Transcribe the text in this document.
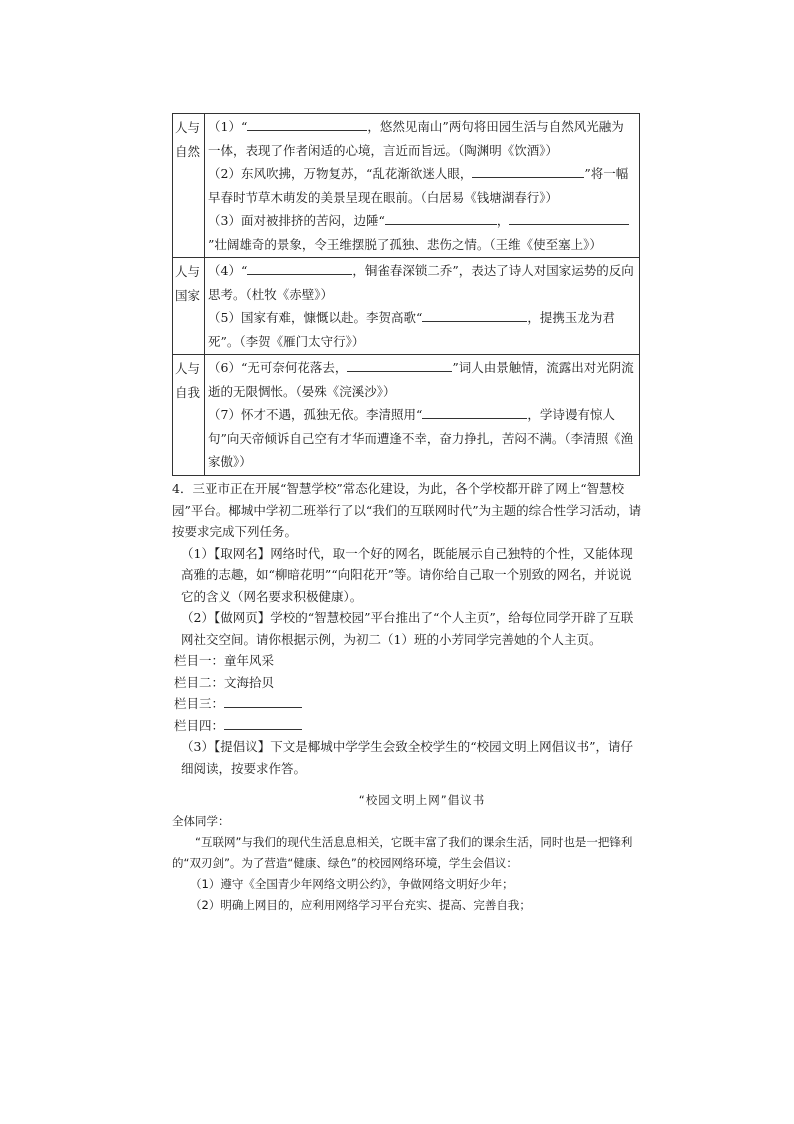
人与自然	（1）“ ，悠然见南山”两句将田园生活与自然风光融为一体，表现了作者闲适的心境，言近而旨远。（陶渊明《饮酒》）
（2）东风吹拂，万物复苏，“乱花渐欲迷人眼， ”将一幅早春时节草木萌发的美景呈现在眼前。（白居易《钱塘湖春行》）
（3）面对被排挤的苦闷，边陲“ ，”壮阔雄奇的景象，令王维摆脱了孤独、悲伤之情。（王维《使至塞上》）

人与国家	（4）“ ，铜雀春深锁二乔”，表达了诗人对国家运势的反向思考。（杜牧《赤壁》）
（5）国家有难，慷慨以赴。李贺高歌“ ，提携玉龙为君死”。（李贺《雁门太守行》）

人与自我	（6）“无可奈何花落去， ”词人由景触情，流露出对光阴流逝的无限惆怅。（晏殊《浣溪沙》）
（7）怀才不遇，孤独无依。李清照用“ ，学诗谩有惊人句”向天帝倾诉自己空有才华而遭逢不幸，奋力挣扎，苦闷不满。（李清照《渔家傲》）

4．三亚市正在开展“智慧学校”常态化建设，为此，各个学校都开辟了网上“智慧校园”平台。椰城中学初二班举行了以“我们的互联网时代”为主题的综合性学习活动，请按要求完成下列任务。

（1）【取网名】网络时代，取一个好的网名，既能展示自己独特的个性，又能体现高雅的志趣，如“柳暗花明”“向阳花开”等。请你给自己取一个别致的网名，并说说它的含义（网名要求积极健康）。

（2）【做网页】学校的“智慧校园”平台推出了“个人主页”，给每位同学开辟了互联网社交空间。请你根据示例，为初二（1）班的小芳同学完善她的个人主页。

栏目一：童年风采

栏目二：文海拾贝

栏目三：

栏目四：

（3）【提倡议】下文是椰城中学学生会致全校学生的“校园文明上网倡议书”，请仔细阅读，按要求作答。

“校园文明上网”倡议书

全体同学：

“互联网”与我们的现代生活息息相关，它既丰富了我们的课余生活，同时也是一把锋利的“双刃剑”。为了营造“健康、绿色”的校园网络环境，学生会倡议：

（1）遵守《全国青少年网络文明公约》，争做网络文明好少年；

（2）明确上网目的，应利用网络学习平台充实、提高、完善自我；
